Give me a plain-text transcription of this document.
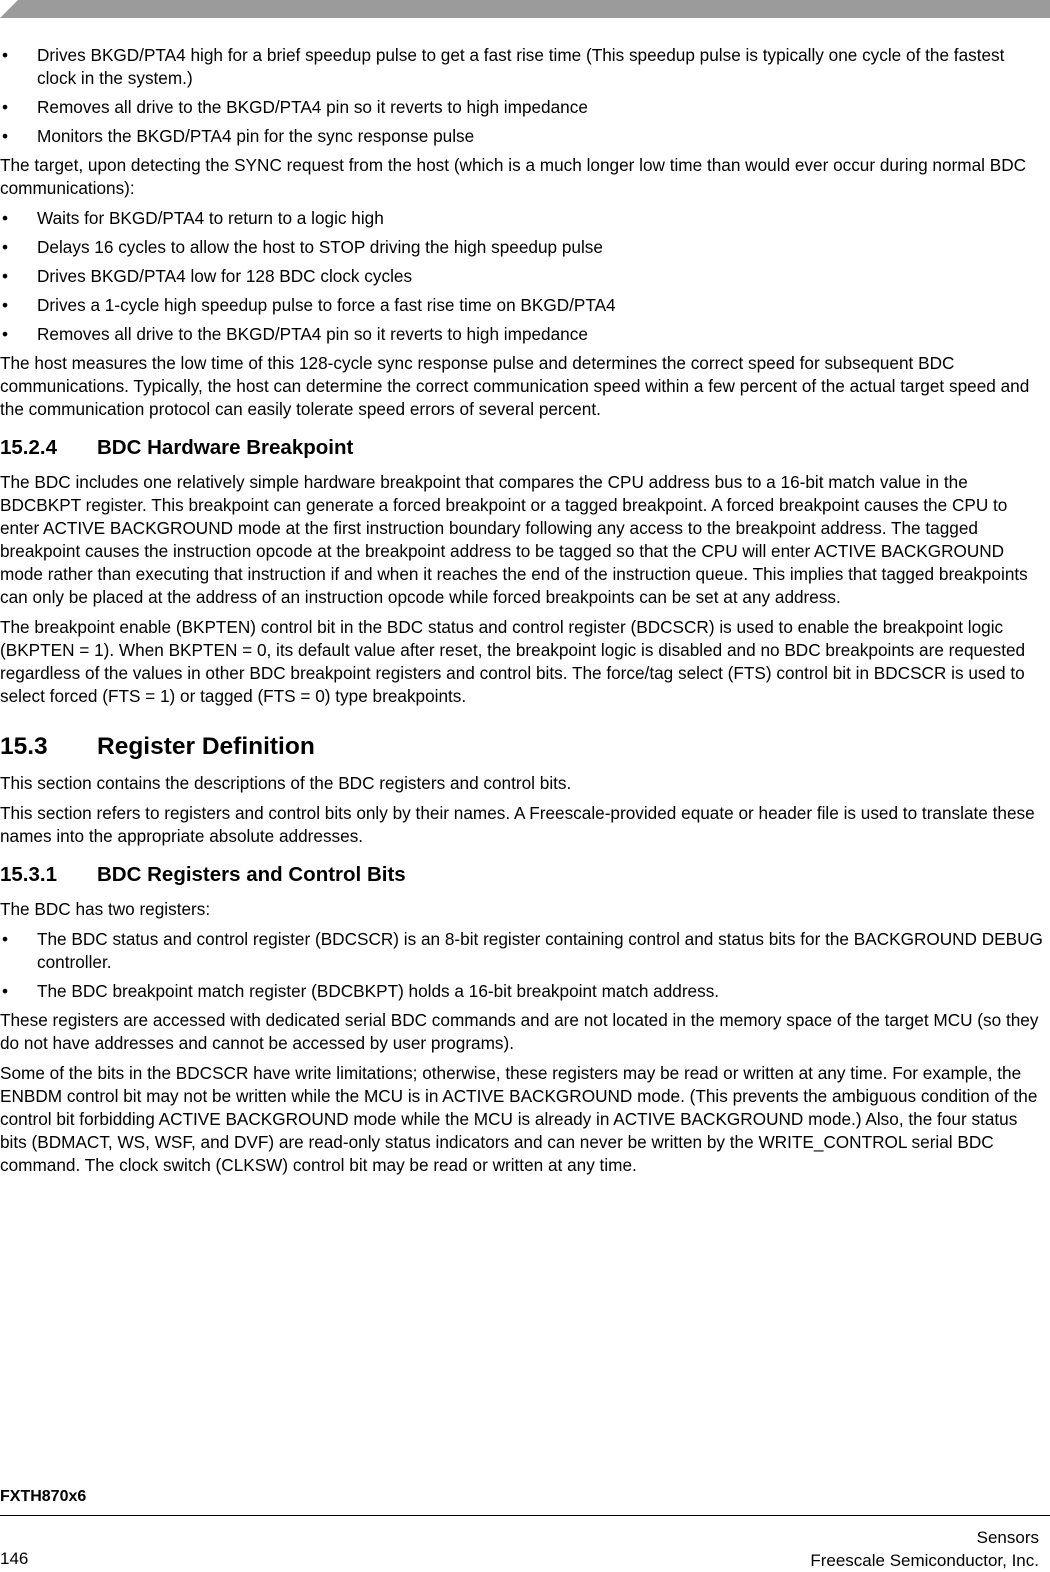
• Drives BKGD/PTA4 high for a brief speedup pulse to get a fast rise time (This speedup pulse is typically one cycle of the fastest clock in the system.)
• Removes all drive to the BKGD/PTA4 pin so it reverts to high impedance
• Monitors the BKGD/PTA4 pin for the sync response pulse

The target, upon detecting the SYNC request from the host (which is a much longer low time than would ever occur during normal BDC communications):

• Waits for BKGD/PTA4 to return to a logic high
• Delays 16 cycles to allow the host to STOP driving the high speedup pulse
• Drives BKGD/PTA4 low for 128 BDC clock cycles
• Drives a 1-cycle high speedup pulse to force a fast rise time on BKGD/PTA4
• Removes all drive to the BKGD/PTA4 pin so it reverts to high impedance

The host measures the low time of this 128-cycle sync response pulse and determines the correct speed for subsequent BDC communications. Typically, the host can determine the correct communication speed within a few percent of the actual target speed and the communication protocol can easily tolerate speed errors of several percent.

15.2.4 BDC Hardware Breakpoint

The BDC includes one relatively simple hardware breakpoint that compares the CPU address bus to a 16-bit match value in the BDCBKPT register. This breakpoint can generate a forced breakpoint or a tagged breakpoint. A forced breakpoint causes the CPU to enter ACTIVE BACKGROUND mode at the first instruction boundary following any access to the breakpoint address. The tagged breakpoint causes the instruction opcode at the breakpoint address to be tagged so that the CPU will enter ACTIVE BACKGROUND mode rather than executing that instruction if and when it reaches the end of the instruction queue. This implies that tagged breakpoints can only be placed at the address of an instruction opcode while forced breakpoints can be set at any address.

The breakpoint enable (BKPTEN) control bit in the BDC status and control register (BDCSCR) is used to enable the breakpoint logic (BKPTEN = 1). When BKPTEN = 0, its default value after reset, the breakpoint logic is disabled and no BDC breakpoints are requested regardless of the values in other BDC breakpoint registers and control bits. The force/tag select (FTS) control bit in BDCSCR is used to select forced (FTS = 1) or tagged (FTS = 0) type breakpoints.

15.3 Register Definition

This section contains the descriptions of the BDC registers and control bits.

This section refers to registers and control bits only by their names. A Freescale-provided equate or header file is used to translate these names into the appropriate absolute addresses.

15.3.1 BDC Registers and Control Bits

The BDC has two registers:

• The BDC status and control register (BDCSCR) is an 8-bit register containing control and status bits for the BACKGROUND DEBUG controller.
• The BDC breakpoint match register (BDCBKPT) holds a 16-bit breakpoint match address.

These registers are accessed with dedicated serial BDC commands and are not located in the memory space of the target MCU (so they do not have addresses and cannot be accessed by user programs).

Some of the bits in the BDCSCR have write limitations; otherwise, these registers may be read or written at any time. For example, the ENBDM control bit may not be written while the MCU is in ACTIVE BACKGROUND mode. (This prevents the ambiguous condition of the control bit forbidding ACTIVE BACKGROUND mode while the MCU is already in ACTIVE BACKGROUND mode.) Also, the four status bits (BDMACT, WS, WSF, and DVF) are read-only status indicators and can never be written by the WRITE_CONTROL serial BDC command. The clock switch (CLKSW) control bit may be read or written at any time.

FXTH870x6
146
Sensors
Freescale Semiconductor, Inc.
